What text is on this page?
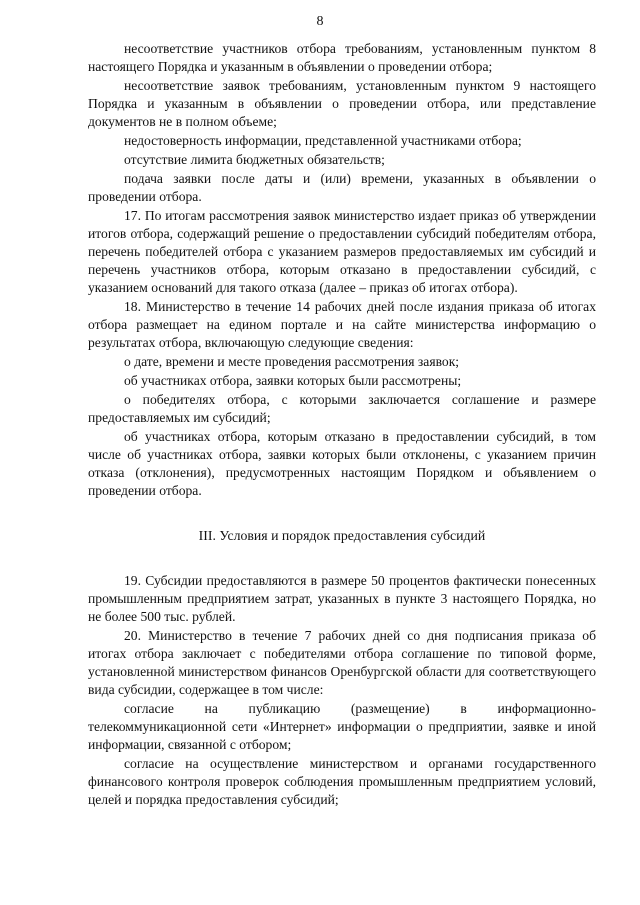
8

несоответствие участников отбора требованиям, установленным пунктом 8 настоящего Порядка и указанным в объявлении о проведении отбора;

несоответствие заявок требованиям, установленным пунктом 9 настоящего Порядка и указанным в объявлении о проведении отбора, или представление документов не в полном объеме;

недостоверность информации, представленной участниками отбора;

отсутствие лимита бюджетных обязательств;

подача заявки после даты и (или) времени, указанных в объявлении о проведении отбора.

17. По итогам рассмотрения заявок министерство издает приказ об утверждении итогов отбора, содержащий решение о предоставлении субсидий победителям отбора, перечень победителей отбора с указанием размеров предоставляемых им субсидий и перечень участников отбора, которым отказано в предоставлении субсидий, с указанием оснований для такого отказа (далее – приказ об итогах отбора).

18. Министерство в течение 14 рабочих дней после издания приказа об итогах отбора размещает на едином портале и на сайте министерства информацию о результатах отбора, включающую следующие сведения:

о дате, времени и месте проведения рассмотрения заявок;

об участниках отбора, заявки которых были рассмотрены;

о победителях отбора, с которыми заключается соглашение и размере предоставляемых им субсидий;

об участниках отбора, которым отказано в предоставлении субсидий, в том числе об участниках отбора, заявки которых были отклонены, с указанием причин отказа (отклонения), предусмотренных настоящим Порядком и объявлением о проведении отбора.

III. Условия и порядок предоставления субсидий

19. Субсидии предоставляются в размере 50 процентов фактически понесенных промышленным предприятием затрат, указанных в пункте 3 настоящего Порядка, но не более 500 тыс. рублей.

20. Министерство в течение 7 рабочих дней со дня подписания приказа об итогах отбора заключает с победителями отбора соглашение по типовой форме, установленной министерством финансов Оренбургской области для соответствующего вида субсидии, содержащее в том числе:

согласие на публикацию (размещение) в информационно-телекоммуникационной сети «Интернет» информации о предприятии, заявке и иной информации, связанной с отбором;

согласие на осуществление министерством и органами государственного финансового контроля проверок соблюдения промышленным предприятием условий, целей и порядка предоставления субсидий;
